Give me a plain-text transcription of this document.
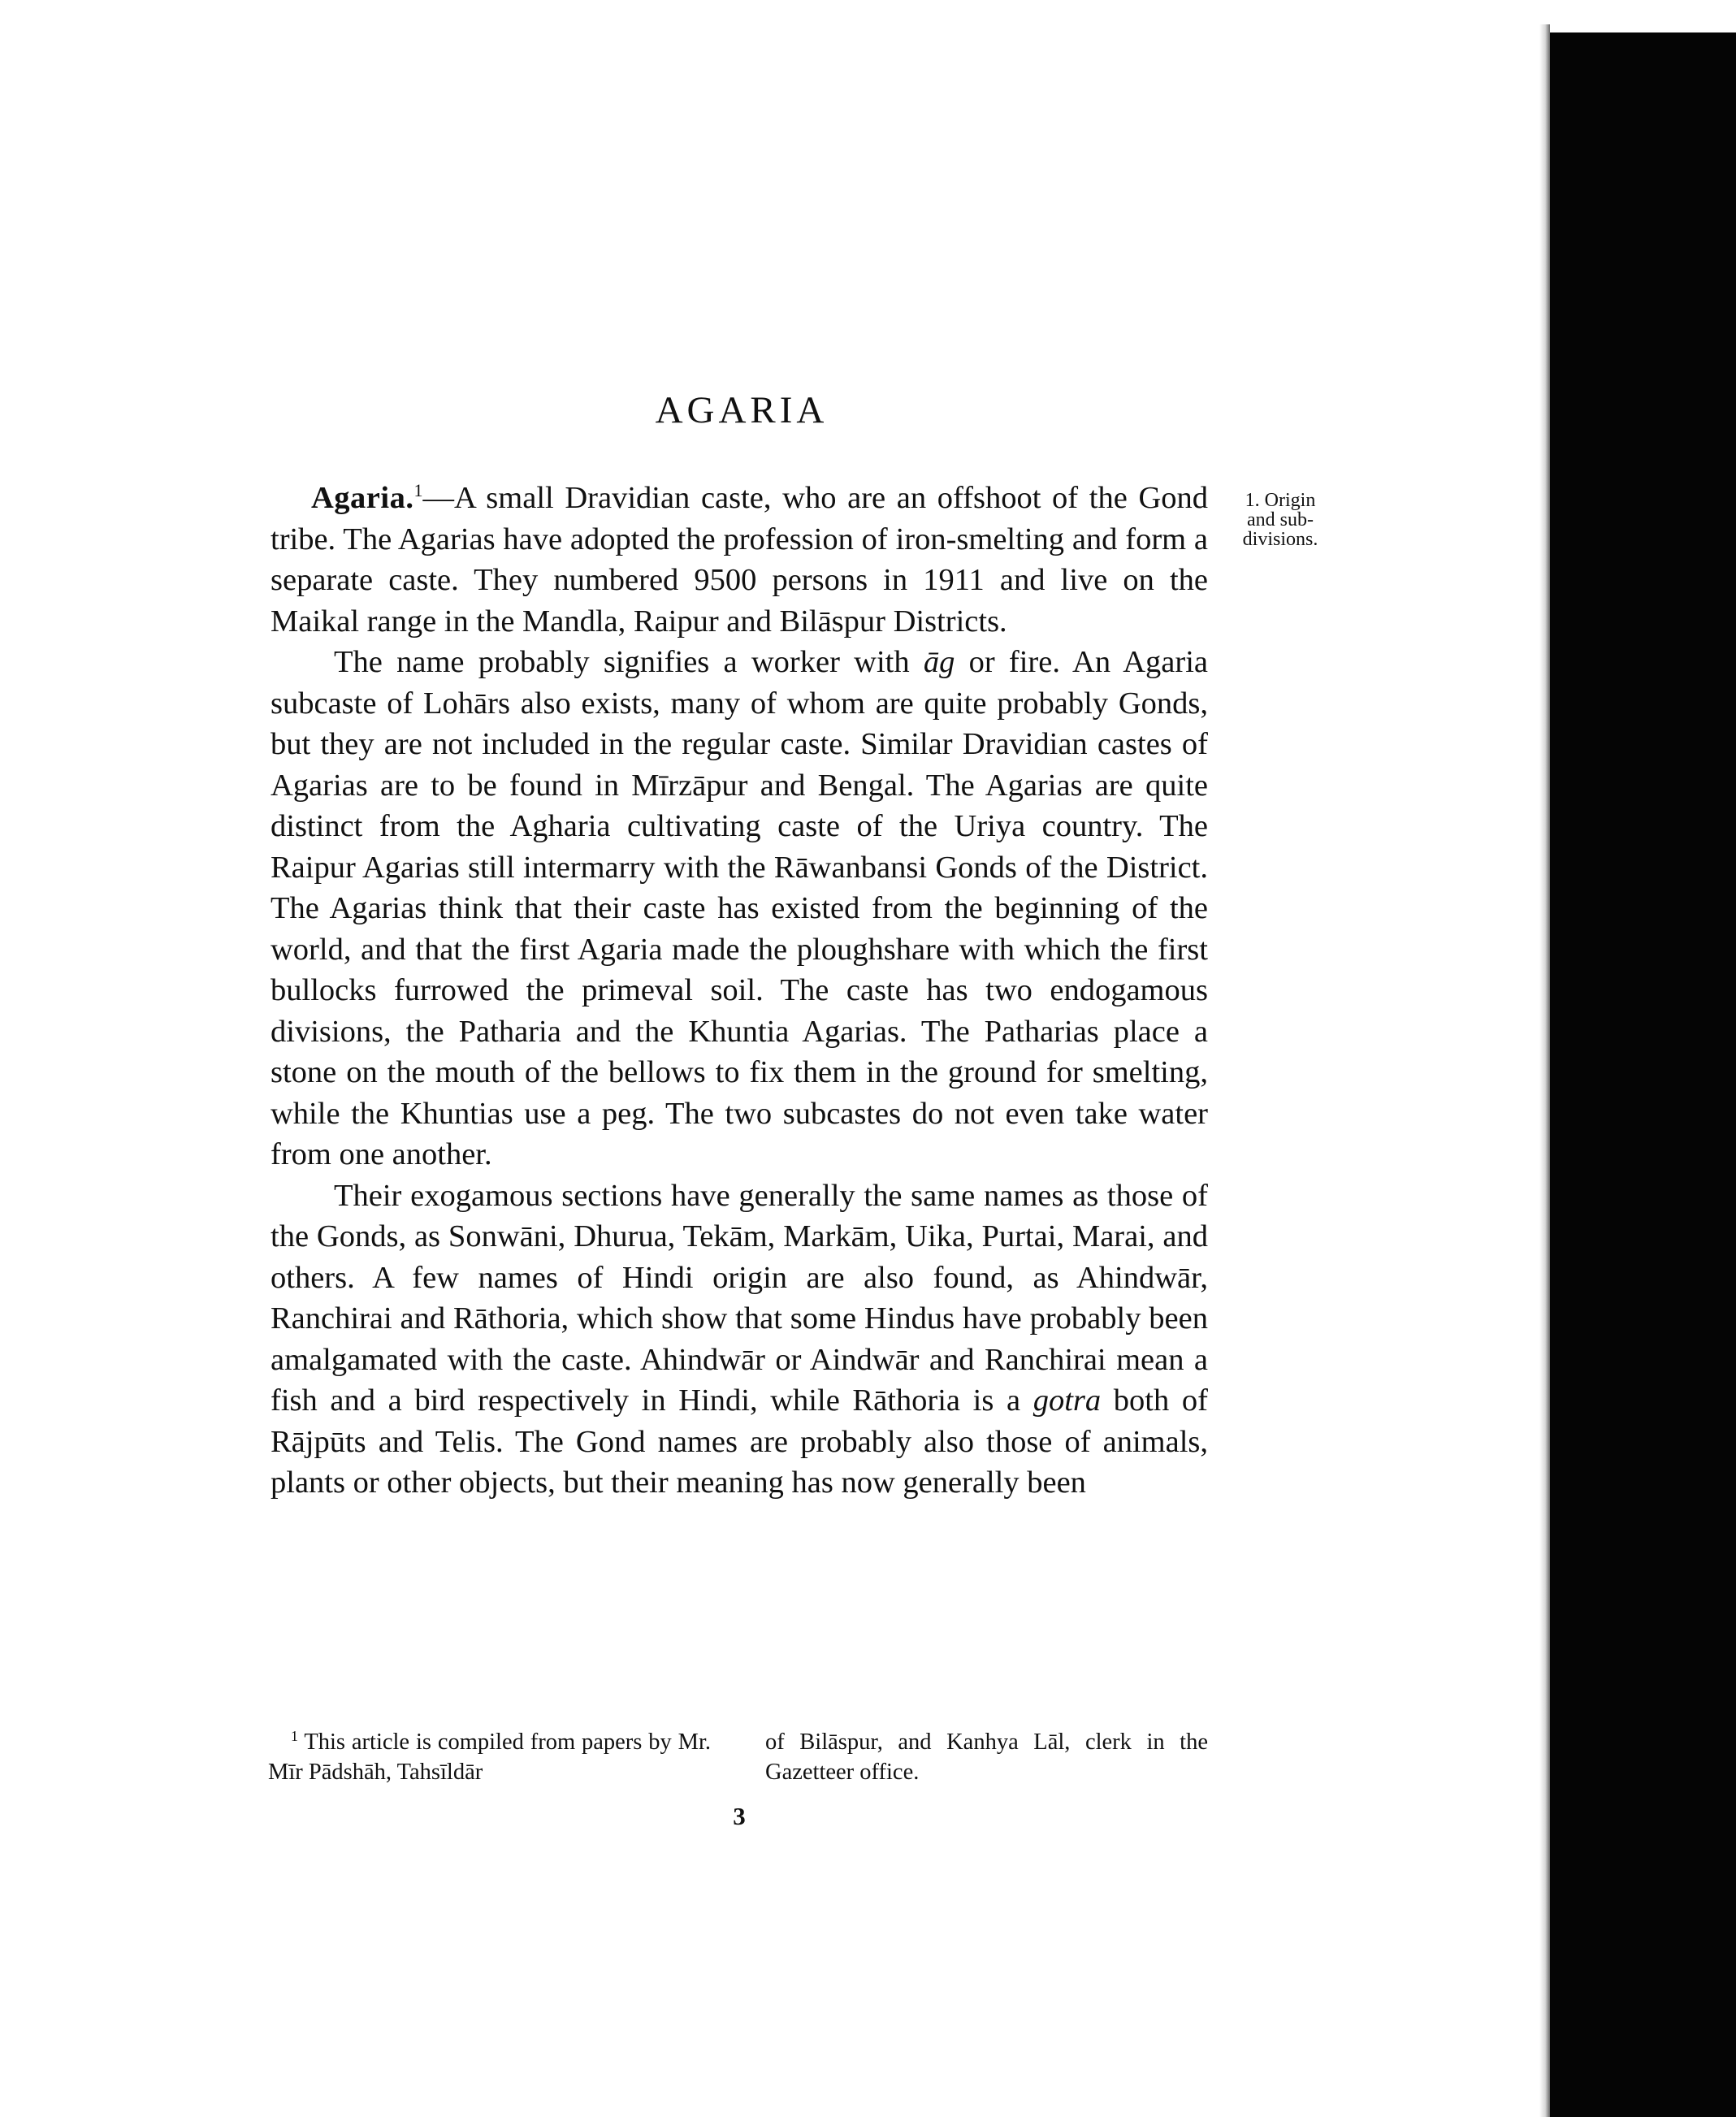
AGARIA
1. Origin
and sub-
divisions.

Agaria.$^1$—A small Dravidian caste, who are an offshoot of the Gond tribe. The Agarias have adopted the profession of iron-smelting and form a separate caste. They numbered 9500 persons in 1911 and live on the Maikal range in the Mandla, Raipur and Bilāspur Districts.

The name probably signifies a worker with āg or fire. An Agaria subcaste of Lohārs also exists, many of whom are quite probably Gonds, but they are not included in the regular caste. Similar Dravidian castes of Agarias are to be found in Mīrzāpur and Bengal. The Agarias are quite distinct from the Agharia cultivating caste of the Uriya country. The Raipur Agarias still intermarry with the Rāwanbansi Gonds of the District. The Agarias think that their caste has existed from the beginning of the world, and that the first Agaria made the ploughshare with which the first bullocks furrowed the primeval soil. The caste has two endogamous divisions, the Patharia and the Khuntia Agarias. The Patharias place a stone on the mouth of the bellows to fix them in the ground for smelting, while the Khuntias use a peg. The two subcastes do not even take water from one another.

Their exogamous sections have generally the same names as those of the Gonds, as Sonwāni, Dhurua, Tekām, Markām, Uika, Purtai, Marai, and others. A few names of Hindi origin are also found, as Ahindwār, Ranchirai and Rāthoria, which show that some Hindus have probably been amalgamated with the caste. Ahindwār or Aindwār and Ranchirai mean a fish and a bird respectively in Hindi, while Rāthoria is a gotra both of Rājpūts and Telis. The Gond names are probably also those of animals, plants or other objects, but their meaning has now generally been

$^1$ This article is compiled from papers by Mr. Mīr Pādshāh, Tahsīldār
of Bilāspur, and Kanhya Lāl, clerk in the Gazetteer office.
3
